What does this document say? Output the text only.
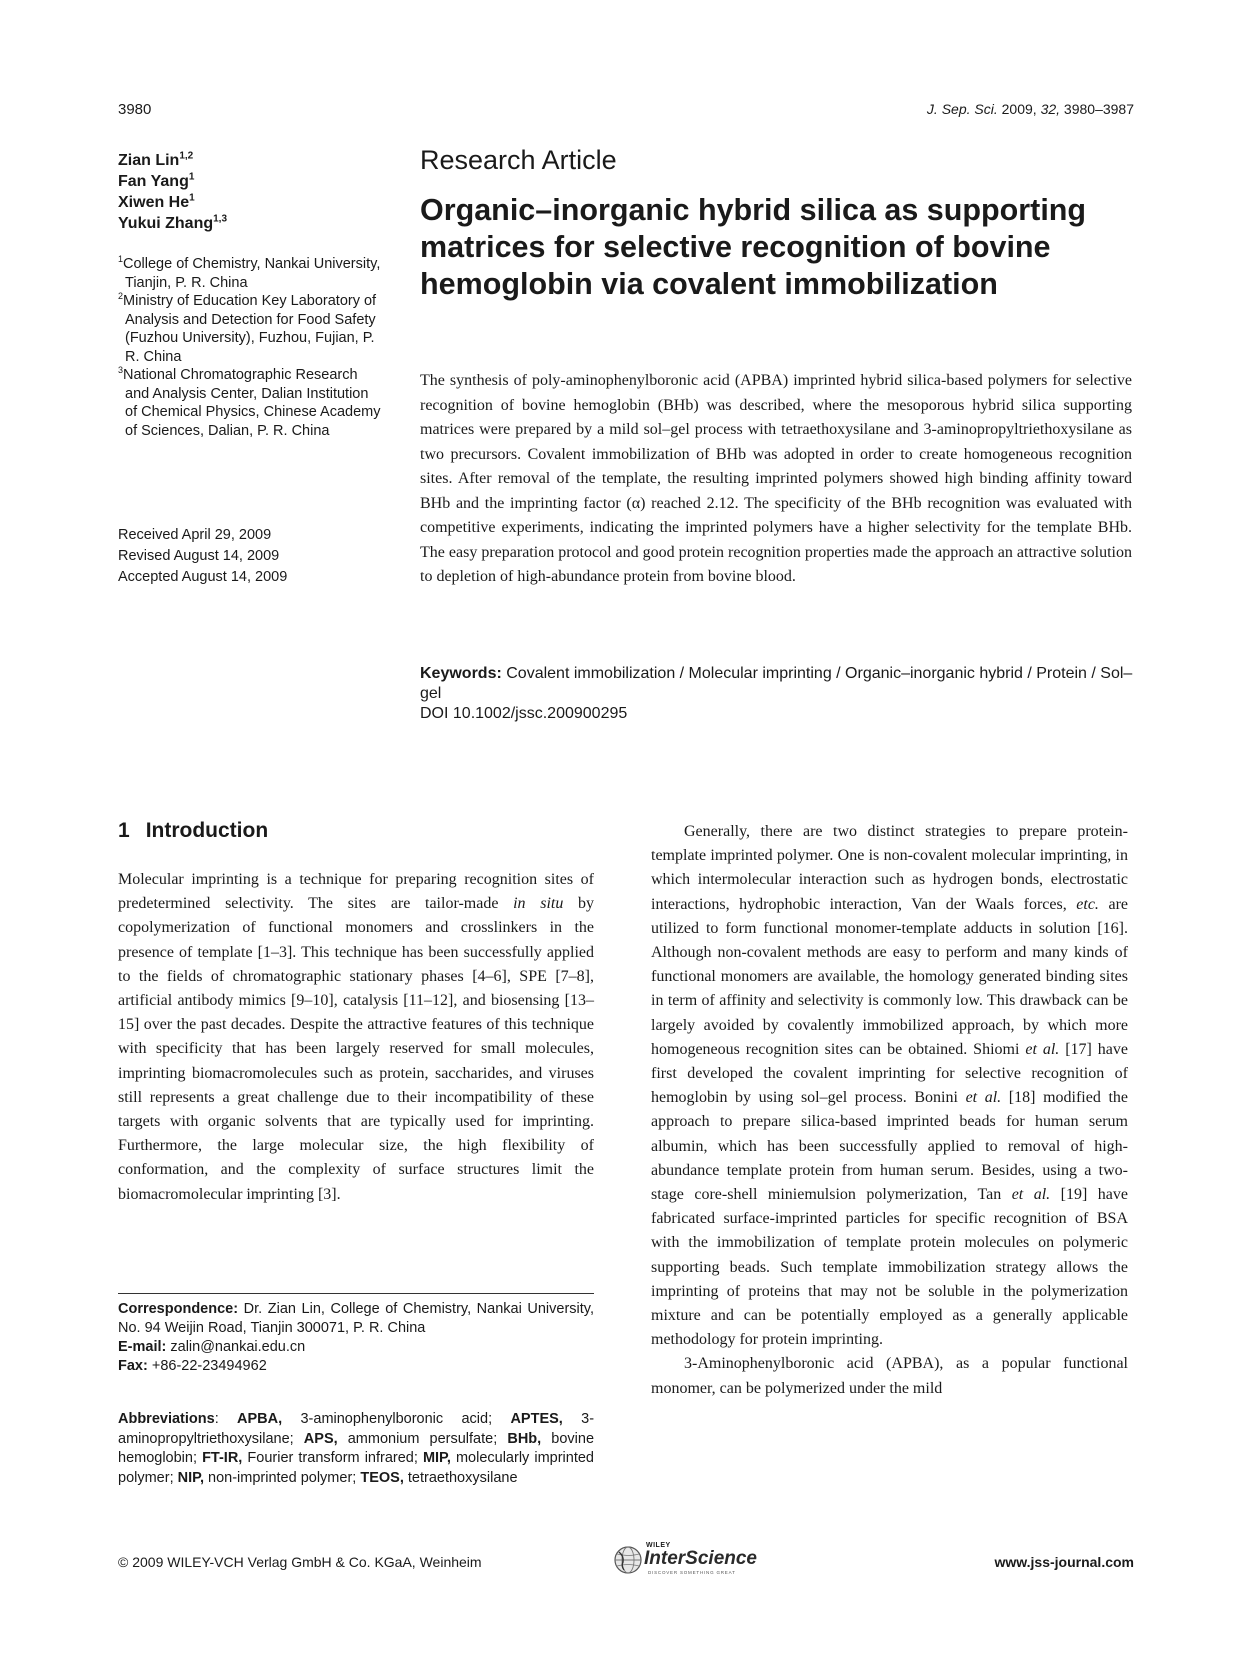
3980	J. Sep. Sci. 2009, 32, 3980–3987
Zian Lin$^{1,2}$
Fan Yang$^1$
Xiwen He$^1$
Yukui Zhang$^{1,3}$
$^1$College of Chemistry, Nankai University, Tianjin, P. R. China
$^2$Ministry of Education Key Laboratory of Analysis and Detection for Food Safety (Fuzhou University), Fuzhou, Fujian, P. R. China
$^3$National Chromatographic Research and Analysis Center, Dalian Institution of Chemical Physics, Chinese Academy of Sciences, Dalian, P. R. China
Received April 29, 2009
Revised August 14, 2009
Accepted August 14, 2009
Research Article
Organic–inorganic hybrid silica as supporting matrices for selective recognition of bovine hemoglobin via covalent immobilization
The synthesis of poly-aminophenylboronic acid (APBA) imprinted hybrid silica-based polymers for selective recognition of bovine hemoglobin (BHb) was described, where the mesoporous hybrid silica supporting matrices were prepared by a mild sol–gel process with tetraethoxysilane and 3-aminopropyltriethoxysilane as two precursors. Covalent immobilization of BHb was adopted in order to create homogeneous recognition sites. After removal of the template, the resulting imprinted polymers showed high binding affinity toward BHb and the imprinting factor (α) reached 2.12. The specificity of the BHb recognition was evaluated with competitive experiments, indicating the imprinted polymers have a higher selectivity for the template BHb. The easy preparation protocol and good protein recognition properties made the approach an attractive solution to depletion of high-abundance protein from bovine blood.
Keywords: Covalent immobilization / Molecular imprinting / Organic–inorganic hybrid / Protein / Sol–gel
DOI 10.1002/jssc.200900295
1 Introduction

Molecular imprinting is a technique for preparing recognition sites of predetermined selectivity. The sites are tailor-made in situ by copolymerization of functional monomers and crosslinkers in the presence of template [1–3]. This technique has been successfully applied to the fields of chromatographic stationary phases [4–6], SPE [7–8], artificial antibody mimics [9–10], catalysis [11–12], and biosensing [13–15] over the past decades. Despite the attractive features of this technique with specificity that has been largely reserved for small molecules, imprinting biomacromolecules such as protein, saccharides, and viruses still represents a great challenge due to their incompatibility of these targets with organic solvents that are typically used for imprinting. Furthermore, the large molecular size, the high flexibility of conformation, and the complexity of surface structures limit the biomacromolecular imprinting [3].

Generally, there are two distinct strategies to prepare protein-template imprinted polymer. One is non-covalent molecular imprinting, in which intermolecular interaction such as hydrogen bonds, electrostatic interactions, hydrophobic interaction, Van der Waals forces, etc. are utilized to form functional monomer-template adducts in solution [16]. Although non-covalent methods are easy to perform and many kinds of functional monomers are available, the homology generated binding sites in term of affinity and selectivity is commonly low. This drawback can be largely avoided by covalently immobilized approach, by which more homogeneous recognition sites can be obtained. Shiomi et al. [17] have first developed the covalent imprinting for selective recognition of hemoglobin by using sol–gel process. Bonini et al. [18] modified the approach to prepare silica-based imprinted beads for human serum albumin, which has been successfully applied to removal of high-abundance template protein from human serum. Besides, using a two-stage core-shell miniemulsion polymerization, Tan et al. [19] have fabricated surface-imprinted particles for specific recognition of BSA with the immobilization of template protein molecules on polymeric supporting beads. Such template immobilization strategy allows the imprinting of proteins that may not be soluble in the polymerization mixture and can be potentially employed as a generally applicable methodology for protein imprinting.

3-Aminophenylboronic acid (APBA), as a popular functional monomer, can be polymerized under the mild

Correspondence: Dr. Zian Lin, College of Chemistry, Nankai University, No. 94 Weijin Road, Tianjin 300071, P. R. China
E-mail: zalin@nankai.edu.cn
Fax: +86-22-23494962
Abbreviations: APBA, 3-aminophenylboronic acid; APTES, 3-aminopropyltriethoxysilane; APS, ammonium persulfate; BHb, bovine hemoglobin; FT-IR, Fourier transform infrared; MIP, molecularly imprinted polymer; NIP, non-imprinted polymer; TEOS, tetraethoxysilane
© 2009 WILEY-VCH Verlag GmbH & Co. KGaA, Weinheim
WILEY
InterScience
DISCOVER SOMETHING GREAT
www.jss-journal.com
